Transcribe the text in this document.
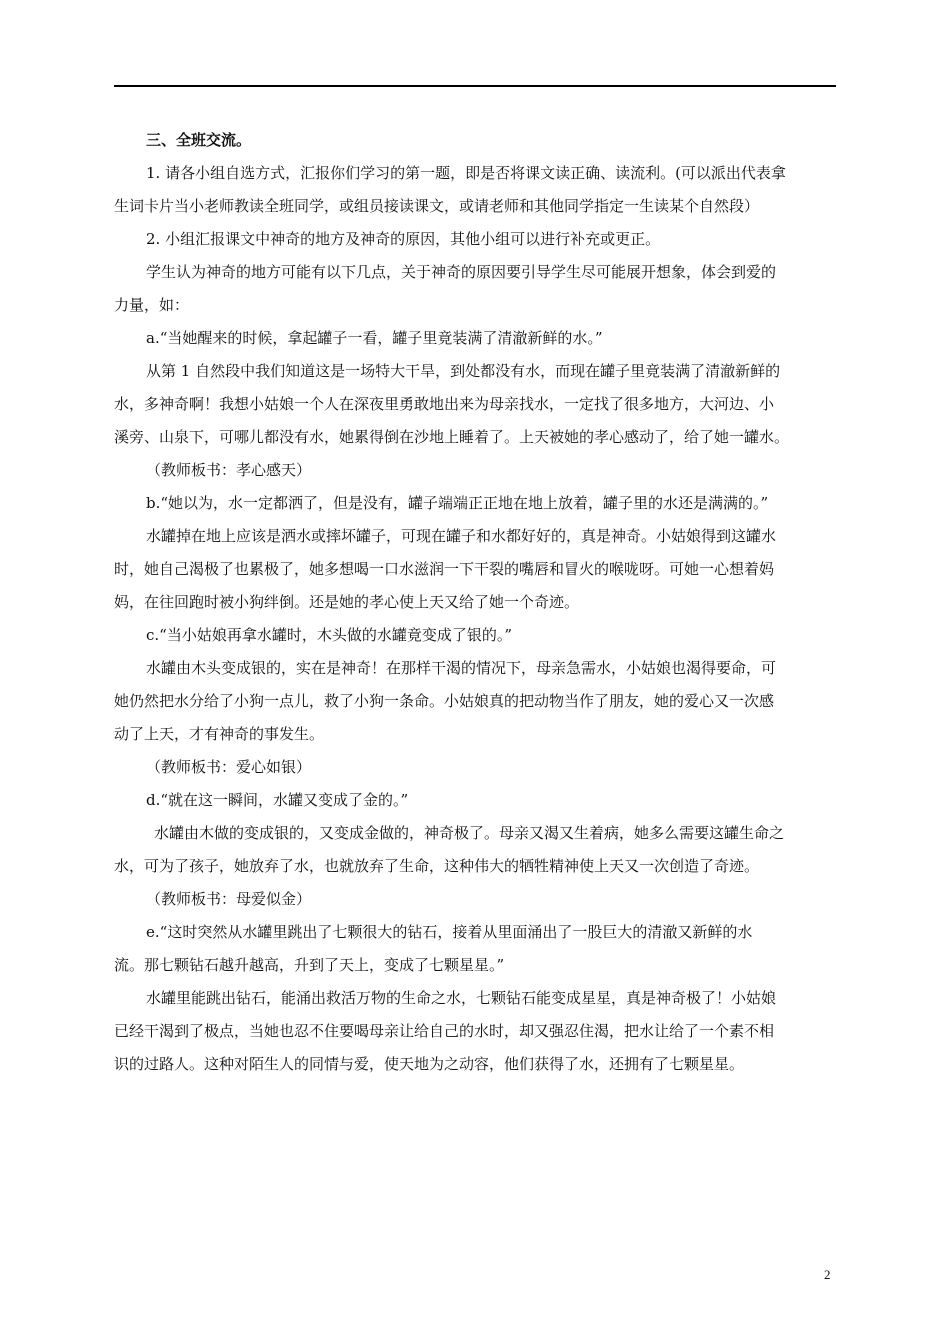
三、全班交流。
1. 请各小组自选方式，汇报你们学习的第一题，即是否将课文读正确、读流利。(可以派出代表拿
生词卡片当小老师教读全班同学，或组员接读课文，或请老师和其他同学指定一生读某个自然段）
2. 小组汇报课文中神奇的地方及神奇的原因，其他小组可以进行补充或更正。
学生认为神奇的地方可能有以下几点，关于神奇的原因要引导学生尽可能展开想象，体会到爱的
力量，如：
a.“当她醒来的时候，拿起罐子一看，罐子里竟装满了清澈新鲜的水。”
从第 1 自然段中我们知道这是一场特大干旱，到处都没有水，而现在罐子里竟装满了清澈新鲜的
水，多神奇啊！我想小姑娘一个人在深夜里勇敢地出来为母亲找水，一定找了很多地方，大河边、小
溪旁、山泉下，可哪儿都没有水，她累得倒在沙地上睡着了。上天被她的孝心感动了，给了她一罐水。
（教师板书：孝心感天）
b.“她以为，水一定都洒了，但是没有，罐子端端正正地在地上放着，罐子里的水还是满满的。”
水罐掉在地上应该是洒水或摔坏罐子，可现在罐子和水都好好的，真是神奇。小姑娘得到这罐水
时，她自己渴极了也累极了，她多想喝一口水滋润一下干裂的嘴唇和冒火的喉咙呀。可她一心想着妈
妈，在往回跑时被小狗绊倒。还是她的孝心使上天又给了她一个奇迹。
c.“当小姑娘再拿水罐时，木头做的水罐竟变成了银的。”
水罐由木头变成银的，实在是神奇！在那样干渴的情况下，母亲急需水，小姑娘也渴得要命，可
她仍然把水分给了小狗一点儿，救了小狗一条命。小姑娘真的把动物当作了朋友，她的爱心又一次感
动了上天，才有神奇的事发生。
（教师板书：爱心如银）
d.“就在这一瞬间，水罐又变成了金的。”
水罐由木做的变成银的，又变成金做的，神奇极了。母亲又渴又生着病，她多么需要这罐生命之
水，可为了孩子，她放弃了水，也就放弃了生命，这种伟大的牺牲精神使上天又一次创造了奇迹。
（教师板书：母爱似金）
e.“这时突然从水罐里跳出了七颗很大的钻石，接着从里面涌出了一股巨大的清澈又新鲜的水
流。那七颗钻石越升越高，升到了天上，变成了七颗星星。”
水罐里能跳出钻石，能涌出救活万物的生命之水，七颗钻石能变成星星，真是神奇极了！小姑娘
已经干渴到了极点，当她也忍不住要喝母亲让给自己的水时，却又强忍住渴，把水让给了一个素不相
识的过路人。这种对陌生人的同情与爱，使天地为之动容，他们获得了水，还拥有了七颗星星。
2
